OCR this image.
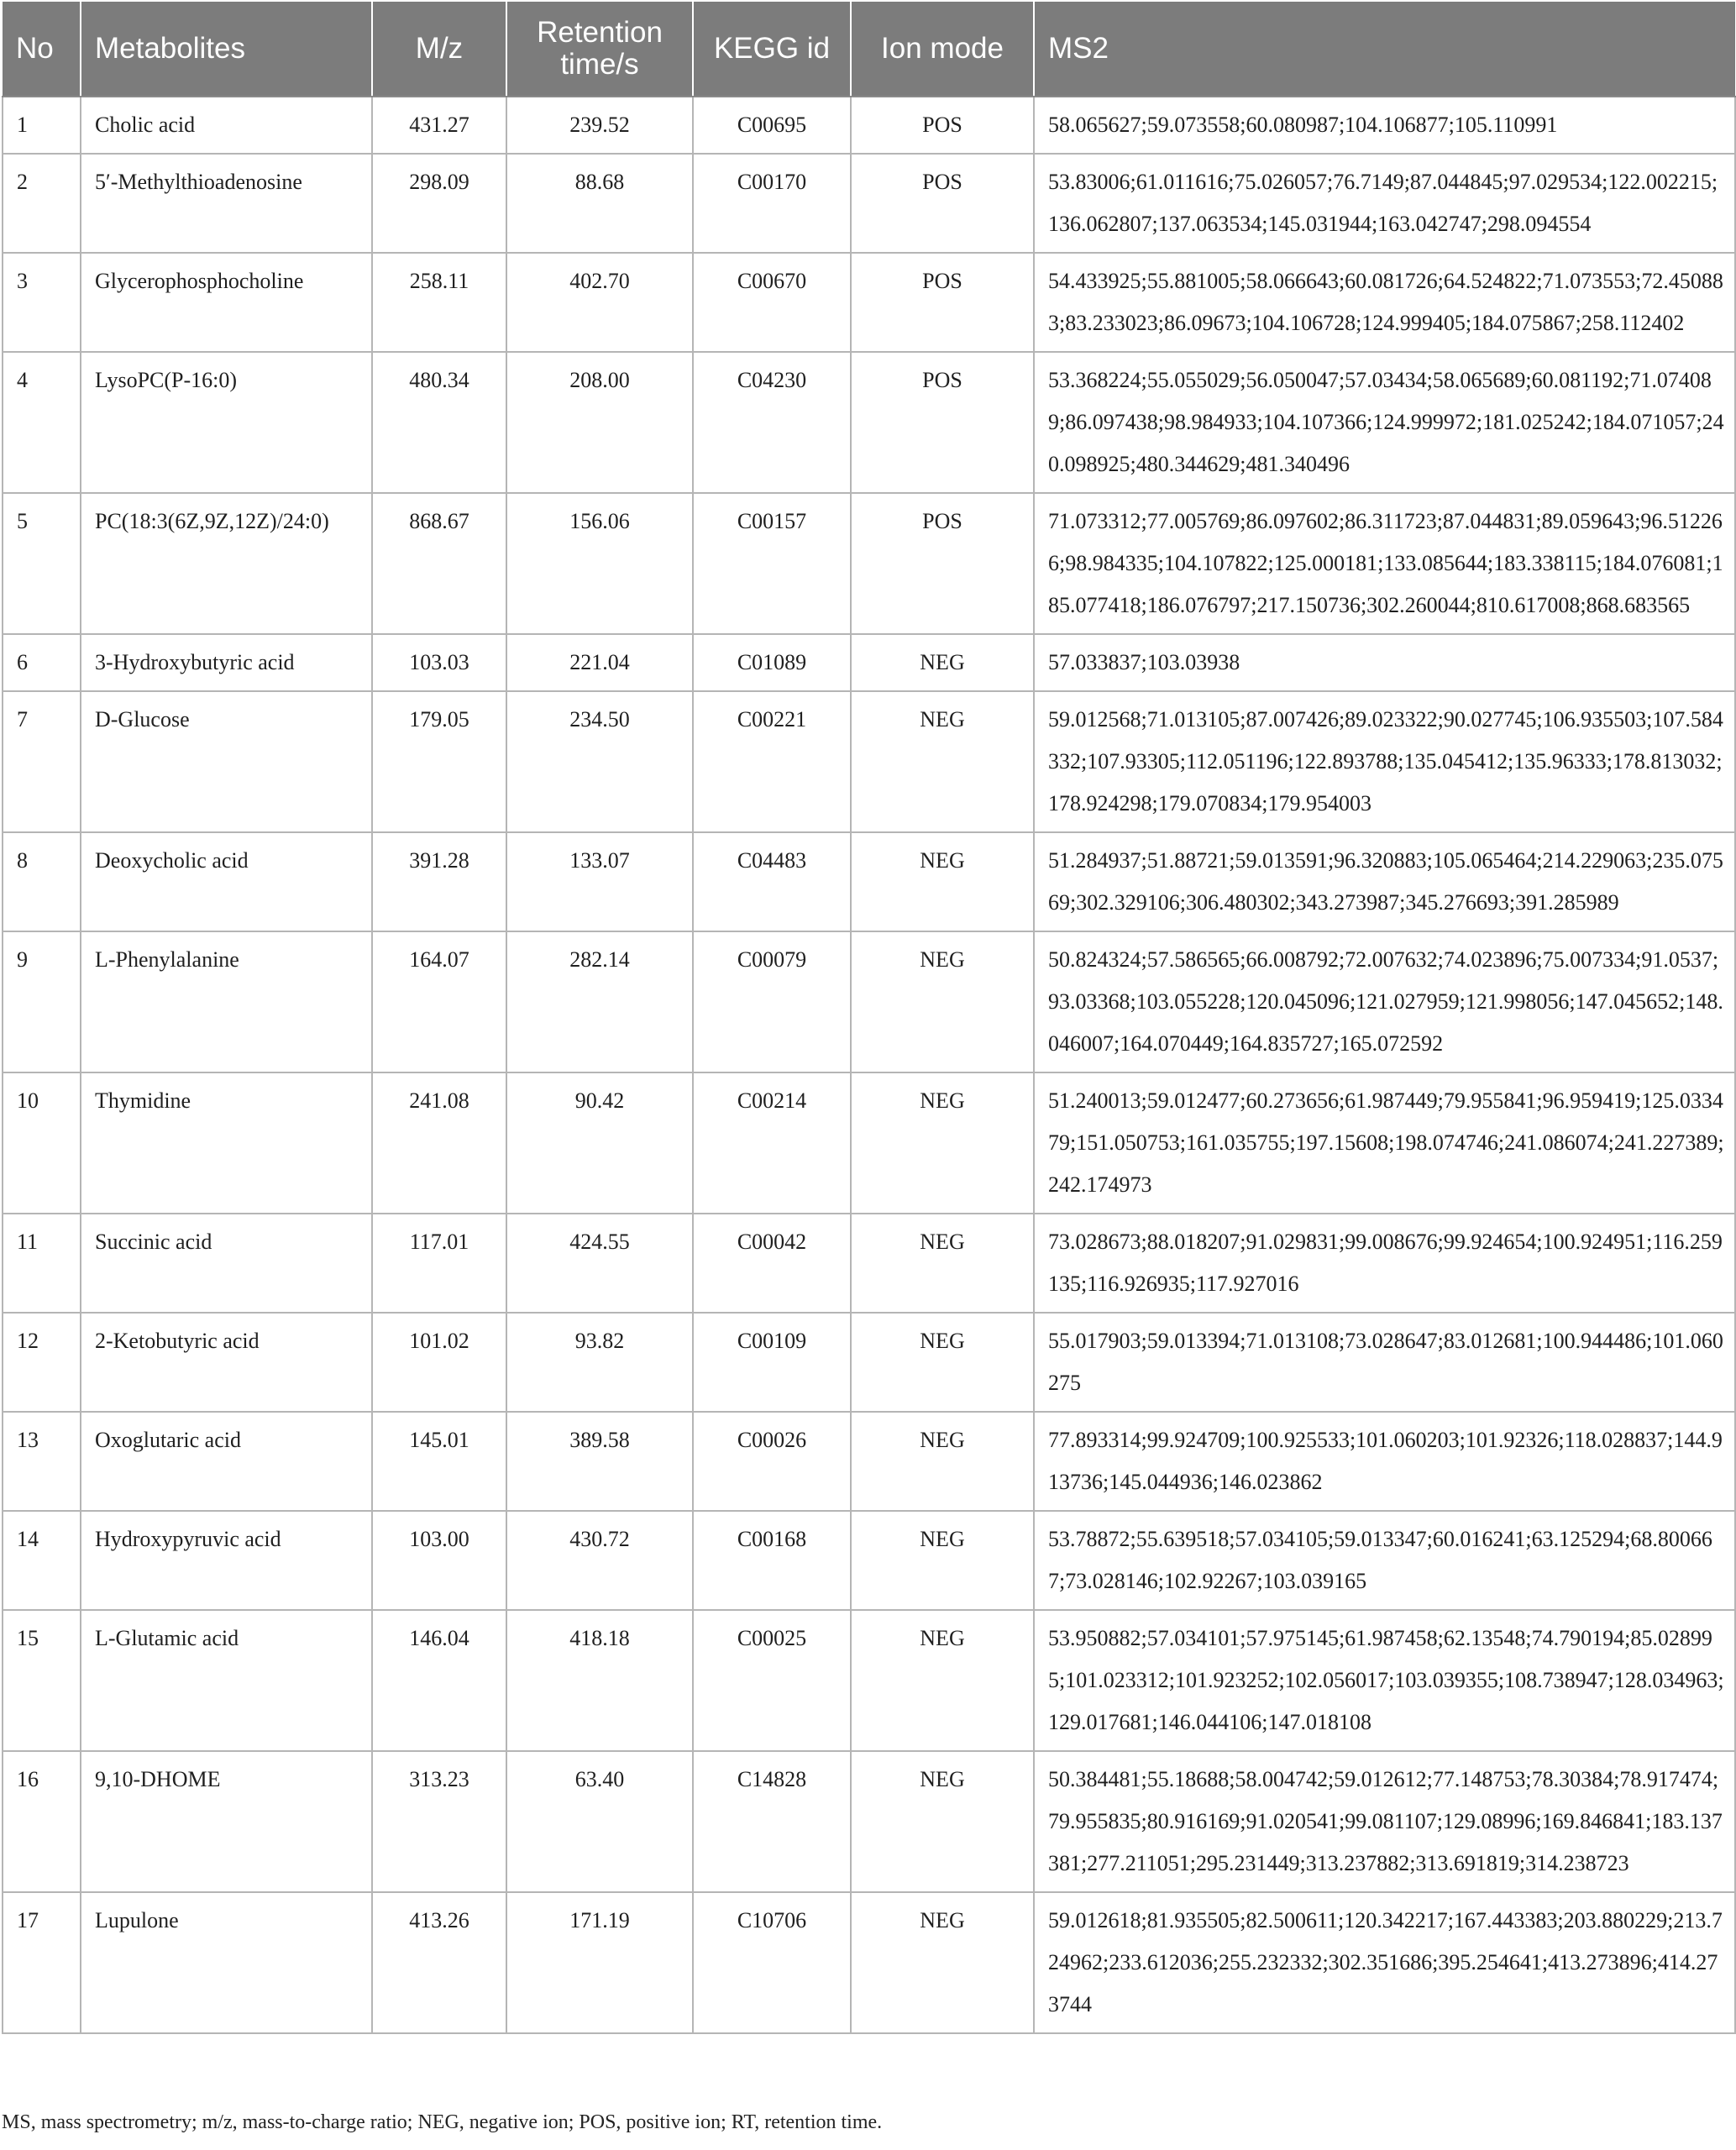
No	Metabolites	M/z	Retention time/s	KEGG id	Ion mode	MS2
1	Cholic acid	431.27	239.52	C00695	POS	58.065627;59.073558;60.080987;104.106877;105.110991
2	5′-Methylthioadenosine	298.09	88.68	C00170	POS	53.83006;61.011616;75.026057;76.7149;87.044845;97.029534;122.002215;136.062807;137.063534;145.031944;163.042747;298.094554
3	Glycerophosphocholine	258.11	402.70	C00670	POS	54.433925;55.881005;58.066643;60.081726;64.524822;71.073553;72.450883;83.233023;86.09673;104.106728;124.999405;184.075867;258.112402
4	LysoPC(P-16:0)	480.34	208.00	C04230	POS	53.368224;55.055029;56.050047;57.03434;58.065689;60.081192;71.074089;86.097438;98.984933;104.107366;124.999972;181.025242;184.071057;240.098925;480.344629;481.340496
5	PC(18:3(6Z,9Z,12Z)/24:0)	868.67	156.06	C00157	POS	71.073312;77.005769;86.097602;86.311723;87.044831;89.059643;96.512266;98.984335;104.107822;125.000181;133.085644;183.338115;184.076081;185.077418;186.076797;217.150736;302.260044;810.617008;868.683565
6	3-Hydroxybutyric acid	103.03	221.04	C01089	NEG	57.033837;103.03938
7	D-Glucose	179.05	234.50	C00221	NEG	59.012568;71.013105;87.007426;89.023322;90.027745;106.935503;107.584332;107.93305;112.051196;122.893788;135.045412;135.96333;178.813032;178.924298;179.070834;179.954003
8	Deoxycholic acid	391.28	133.07	C04483	NEG	51.284937;51.88721;59.013591;96.320883;105.065464;214.229063;235.07569;302.329106;306.480302;343.273987;345.276693;391.285989
9	L-Phenylalanine	164.07	282.14	C00079	NEG	50.824324;57.586565;66.008792;72.007632;74.023896;75.007334;91.0537;93.03368;103.055228;120.045096;121.027959;121.998056;147.045652;148.046007;164.070449;164.835727;165.072592
10	Thymidine	241.08	90.42	C00214	NEG	51.240013;59.012477;60.273656;61.987449;79.955841;96.959419;125.033479;151.050753;161.035755;197.15608;198.074746;241.086074;241.227389;242.174973
11	Succinic acid	117.01	424.55	C00042	NEG	73.028673;88.018207;91.029831;99.008676;99.924654;100.924951;116.259135;116.926935;117.927016
12	2-Ketobutyric acid	101.02	93.82	C00109	NEG	55.017903;59.013394;71.013108;73.028647;83.012681;100.944486;101.060275
13	Oxoglutaric acid	145.01	389.58	C00026	NEG	77.893314;99.924709;100.925533;101.060203;101.92326;118.028837;144.913736;145.044936;146.023862
14	Hydroxypyruvic acid	103.00	430.72	C00168	NEG	53.78872;55.639518;57.034105;59.013347;60.016241;63.125294;68.800667;73.028146;102.92267;103.039165
15	L-Glutamic acid	146.04	418.18	C00025	NEG	53.950882;57.034101;57.975145;61.987458;62.13548;74.790194;85.028995;101.023312;101.923252;102.056017;103.039355;108.738947;128.034963;129.017681;146.044106;147.018108
16	9,10-DHOME	313.23	63.40	C14828	NEG	50.384481;55.18688;58.004742;59.012612;77.148753;78.30384;78.917474;79.955835;80.916169;91.020541;99.081107;129.08996;169.846841;183.137381;277.211051;295.231449;313.237882;313.691819;314.238723
17	Lupulone	413.26	171.19	C10706	NEG	59.012618;81.935505;82.500611;120.342217;167.443383;203.880229;213.724962;233.612036;255.232332;302.351686;395.254641;413.273896;414.273744
MS, mass spectrometry; m/z, mass-to-charge ratio; NEG, negative ion; POS, positive ion; RT, retention time.
